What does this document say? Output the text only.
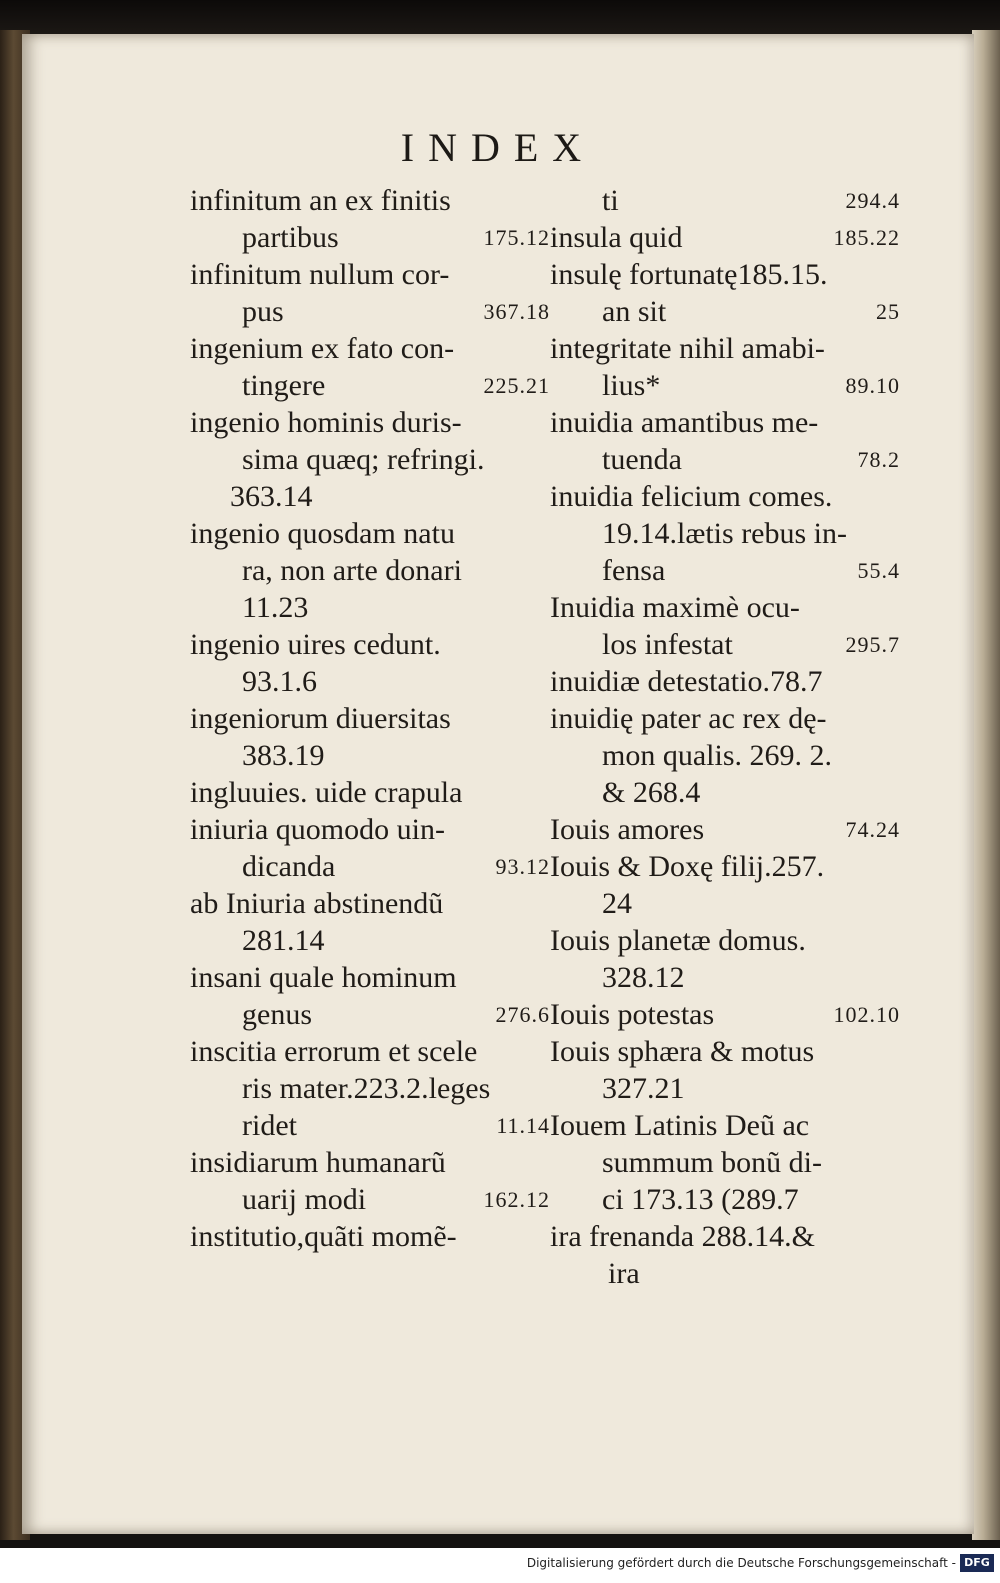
INDEX
infinitum an ex finitis
partibus	175.12
infinitum nullum cor-
pus	367.18
ingenium ex fato con-
tingere	225.21
ingenio hominis duris-
sima quæq; refringi.
363.14
ingenio quosdam natu
ra, non arte donari
11.23
ingenio uires cedunt.
93.1.6
ingeniorum diuersitas
383.19
ingluuies. uide crapula
iniuria quomodo uin-
dicanda	93.12
ab Iniuria abstinendũ
281.14
insani quale hominum
genus	276.6
inscitia errorum et scele
ris mater.223.2.leges
ridet	11.14
insidiarum humanarũ
uarij modi	162.12
institutio,quãti momẽ-
ti	294.4
insula quid	185.22
insulę fortunatę185.15.
an sit	25
integritate nihil amabi-
lius*	89.10
inuidia amantibus me-
tuenda	78.2
inuidia felicium comes.
19.14.lætis rebus in-
fensa	55.4
Inuidia maximè ocu-
los infestat	295.7
inuidiæ detestatio.78.7
inuidię pater ac rex dę-
mon qualis. 269. 2.
& 268.4
Iouis amores	74.24
Iouis & Doxę filij.257.
24
Iouis planetæ domus.
328.12
Iouis potestas	102.10
Iouis sphæra & motus
327.21
Iouem Latinis Deũ ac
summum bonũ di-
ci 173.13 (289.7
ira frenanda 288.14.&
ira
Digitalisierung gefördert durch die Deutsche Forschungsgemeinschaft - DFG
